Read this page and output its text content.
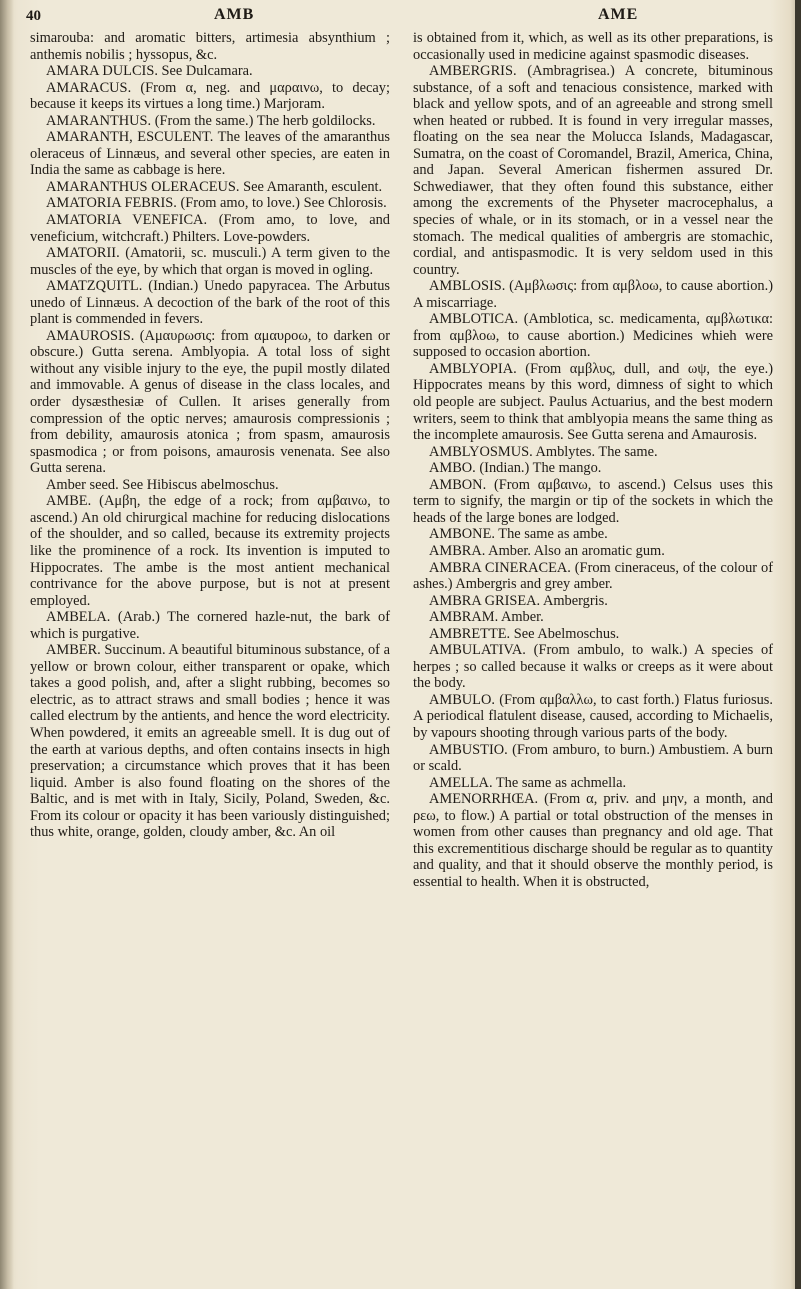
40	AMB	AME

simarouba: and aromatic bitters, artimesia absynthium ; anthemis nobilis ; hyssopus, &c.

AMARA DULCIS. See Dulcamara.

AMARACUS. (From α, neg. and μαραινω, to decay; because it keeps its virtues a long time.) Marjoram.

AMARANTHUS. (From the same.) The herb goldilocks.

AMARANTH, ESCULENT. The leaves of the amaranthus oleraceus of Linnæus, and several other species, are eaten in India the same as cabbage is here.

AMARANTHUS OLERACEUS. See Amaranth, esculent.

AMATORIA FEBRIS. (From amo, to love.) See Chlorosis.

AMATORIA VENEFICA. (From amo, to love, and veneficium, witchcraft.) Philters. Love-powders.

AMATORII. (Amatorii, sc. musculi.) A term given to the muscles of the eye, by which that organ is moved in ogling.

AMATZQUITL. (Indian.) Unedo papyracea. The Arbutus unedo of Linnæus. A decoction of the bark of the root of this plant is commended in fevers.

AMAUROSIS. (Αμαυρωσις: from αμαυροω, to darken or obscure.) Gutta serena. Amblyopia. A total loss of sight without any visible injury to the eye, the pupil mostly dilated and immovable. A genus of disease in the class locales, and order dysæsthesiæ of Cullen. It arises generally from compression of the optic nerves; amaurosis compressionis ; from debility, amaurosis atonica ; from spasm, amaurosis spasmodica ; or from poisons, amaurosis venenata. See also Gutta serena.

Amber seed. See Hibiscus abelmoschus.

AMBE. (Αμβη, the edge of a rock; from αμβαινω, to ascend.) An old chirurgical machine for reducing dislocations of the shoulder, and so called, because its extremity projects like the prominence of a rock. Its invention is imputed to Hippocrates. The ambe is the most antient mechanical contrivance for the above purpose, but is not at present employed.

AMBELA. (Arab.) The cornered hazle-nut, the bark of which is purgative.

AMBER. Succinum. A beautiful bituminous substance, of a yellow or brown colour, either transparent or opake, which takes a good polish, and, after a slight rubbing, becomes so electric, as to attract straws and small bodies ; hence it was called electrum by the antients, and hence the word electricity. When powdered, it emits an agreeable smell. It is dug out of the earth at various depths, and often contains insects in high preservation; a circumstance which proves that it has been liquid. Amber is also found floating on the shores of the Baltic, and is met with in Italy, Sicily, Poland, Sweden, &c. From its colour or opacity it has been variously distinguished; thus white, orange, golden, cloudy amber, &c. An oil

is obtained from it, which, as well as its other preparations, is occasionally used in medicine against spasmodic diseases.

AMBERGRIS. (Ambragrisea.) A concrete, bituminous substance, of a soft and tenacious consistence, marked with black and yellow spots, and of an agreeable and strong smell when heated or rubbed. It is found in very irregular masses, floating on the sea near the Molucca Islands, Madagascar, Sumatra, on the coast of Coromandel, Brazil, America, China, and Japan. Several American fishermen assured Dr. Schwediawer, that they often found this substance, either among the excrements of the Physeter macrocephalus, a species of whale, or in its stomach, or in a vessel near the stomach. The medical qualities of ambergris are stomachic, cordial, and antispasmodic. It is very seldom used in this country.

AMBLOSIS. (Αμβλωσις: from αμβλοω, to cause abortion.) A miscarriage.

AMBLOTICA. (Amblotica, sc. medicamenta, αμβλωτικα: from αμβλοω, to cause abortion.) Medicines whieh were supposed to occasion abortion.

AMBLYOPIA. (From αμβλυς, dull, and ωψ, the eye.) Hippocrates means by this word, dimness of sight to which old people are subject. Paulus Actuarius, and the best modern writers, seem to think that amblyopia means the same thing as the incomplete amaurosis. See Gutta serena and Amaurosis.

AMBLYOSMUS. Amblytes. The same.

AMBO. (Indian.) The mango.

AMBON. (From αμβαινω, to ascend.) Celsus uses this term to signify, the margin or tip of the sockets in which the heads of the large bones are lodged.

AMBONE. The same as ambe.

AMBRA. Amber. Also an aromatic gum.

AMBRA CINERACEA. (From cineraceus, of the colour of ashes.) Ambergris and grey amber.

AMBRA GRISEA. Ambergris.

AMBRAM. Amber.

AMBRETTE. See Abelmoschus.

AMBULATIVA. (From ambulo, to walk.) A species of herpes ; so called because it walks or creeps as it were about the body.

AMBULO. (From αμβαλλω, to cast forth.) Flatus furiosus. A periodical flatulent disease, caused, according to Michaelis, by vapours shooting through various parts of the body.

AMBUSTIO. (From amburo, to burn.) Ambustiem. A burn or scald.

AMELLA. The same as achmella.

AMENORRHŒA. (From α, priv. and μην, a month, and ρεω, to flow.) A partial or total obstruction of the menses in women from other causes than pregnancy and old age. That this excrementitious discharge should be regular as to quantity and quality, and that it should observe the monthly period, is essential to health. When it is obstructed,
